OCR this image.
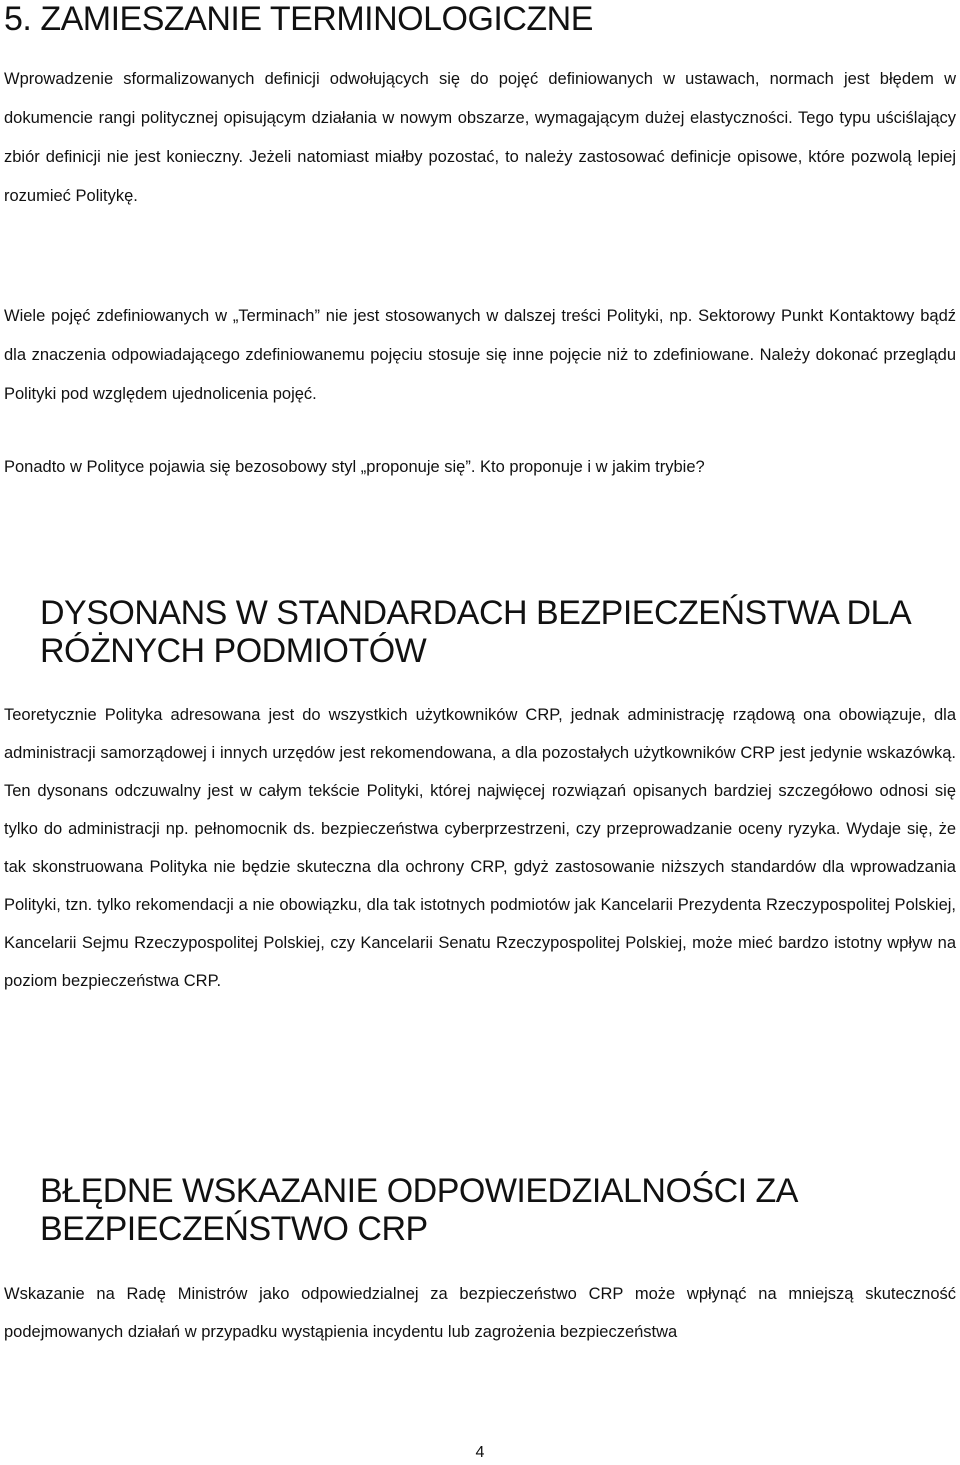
5. ZAMIESZANIE TERMINOLOGICZNE

Wprowadzenie sformalizowanych definicji odwołujących się do pojęć definiowanych w ustawach, normach jest błędem w dokumencie rangi politycznej opisującym działania w nowym obszarze, wymagającym dużej elastyczności. Tego typu uściślający zbiór definicji nie jest konieczny. Jeżeli natomiast miałby pozostać, to należy zastosować definicje opisowe, które pozwolą lepiej rozumieć Politykę.

Wiele pojęć zdefiniowanych w „Terminach” nie jest stosowanych w dalszej treści Polityki, np. Sektorowy Punkt Kontaktowy bądź dla znaczenia odpowiadającego zdefiniowanemu pojęciu stosuje się inne pojęcie niż to zdefiniowane. Należy dokonać przeglądu Polityki pod względem ujednolicenia pojęć.

Ponadto w Polityce pojawia się bezosobowy styl „proponuje się”. Kto proponuje i w jakim trybie?

DYSONANS W STANDARDACH BEZPIECZEŃSTWA DLA RÓŻNYCH PODMIOTÓW

Teoretycznie Polityka adresowana jest do wszystkich użytkowników CRP, jednak administrację rządową ona obowiązuje, dla administracji samorządowej i innych urzędów jest rekomendowana, a dla pozostałych użytkowników CRP jest jedynie wskazówką. Ten dysonans odczuwalny jest w całym tekście Polityki, której najwięcej rozwiązań opisanych bardziej szczegółowo odnosi się tylko do administracji np. pełnomocnik ds. bezpieczeństwa cyberprzestrzeni, czy przeprowadzanie oceny ryzyka. Wydaje się, że tak skonstruowana Polityka nie będzie skuteczna dla ochrony CRP, gdyż zastosowanie niższych standardów dla wprowadzania Polityki, tzn. tylko rekomendacji a nie obowiązku, dla tak istotnych podmiotów jak Kancelarii Prezydenta Rzeczypospolitej Polskiej, Kancelarii Sejmu Rzeczypospolitej Polskiej, czy Kancelarii Senatu Rzeczypospolitej Polskiej, może mieć bardzo istotny wpływ na poziom bezpieczeństwa CRP.

BŁĘDNE WSKAZANIE ODPOWIEDZIALNOŚCI ZA BEZPIECZEŃSTWO CRP

Wskazanie na Radę Ministrów jako odpowiedzialnej za bezpieczeństwo CRP może wpłynąć na mniejszą skuteczność podejmowanych działań w przypadku wystąpienia incydentu lub zagrożenia bezpieczeństwa

4
